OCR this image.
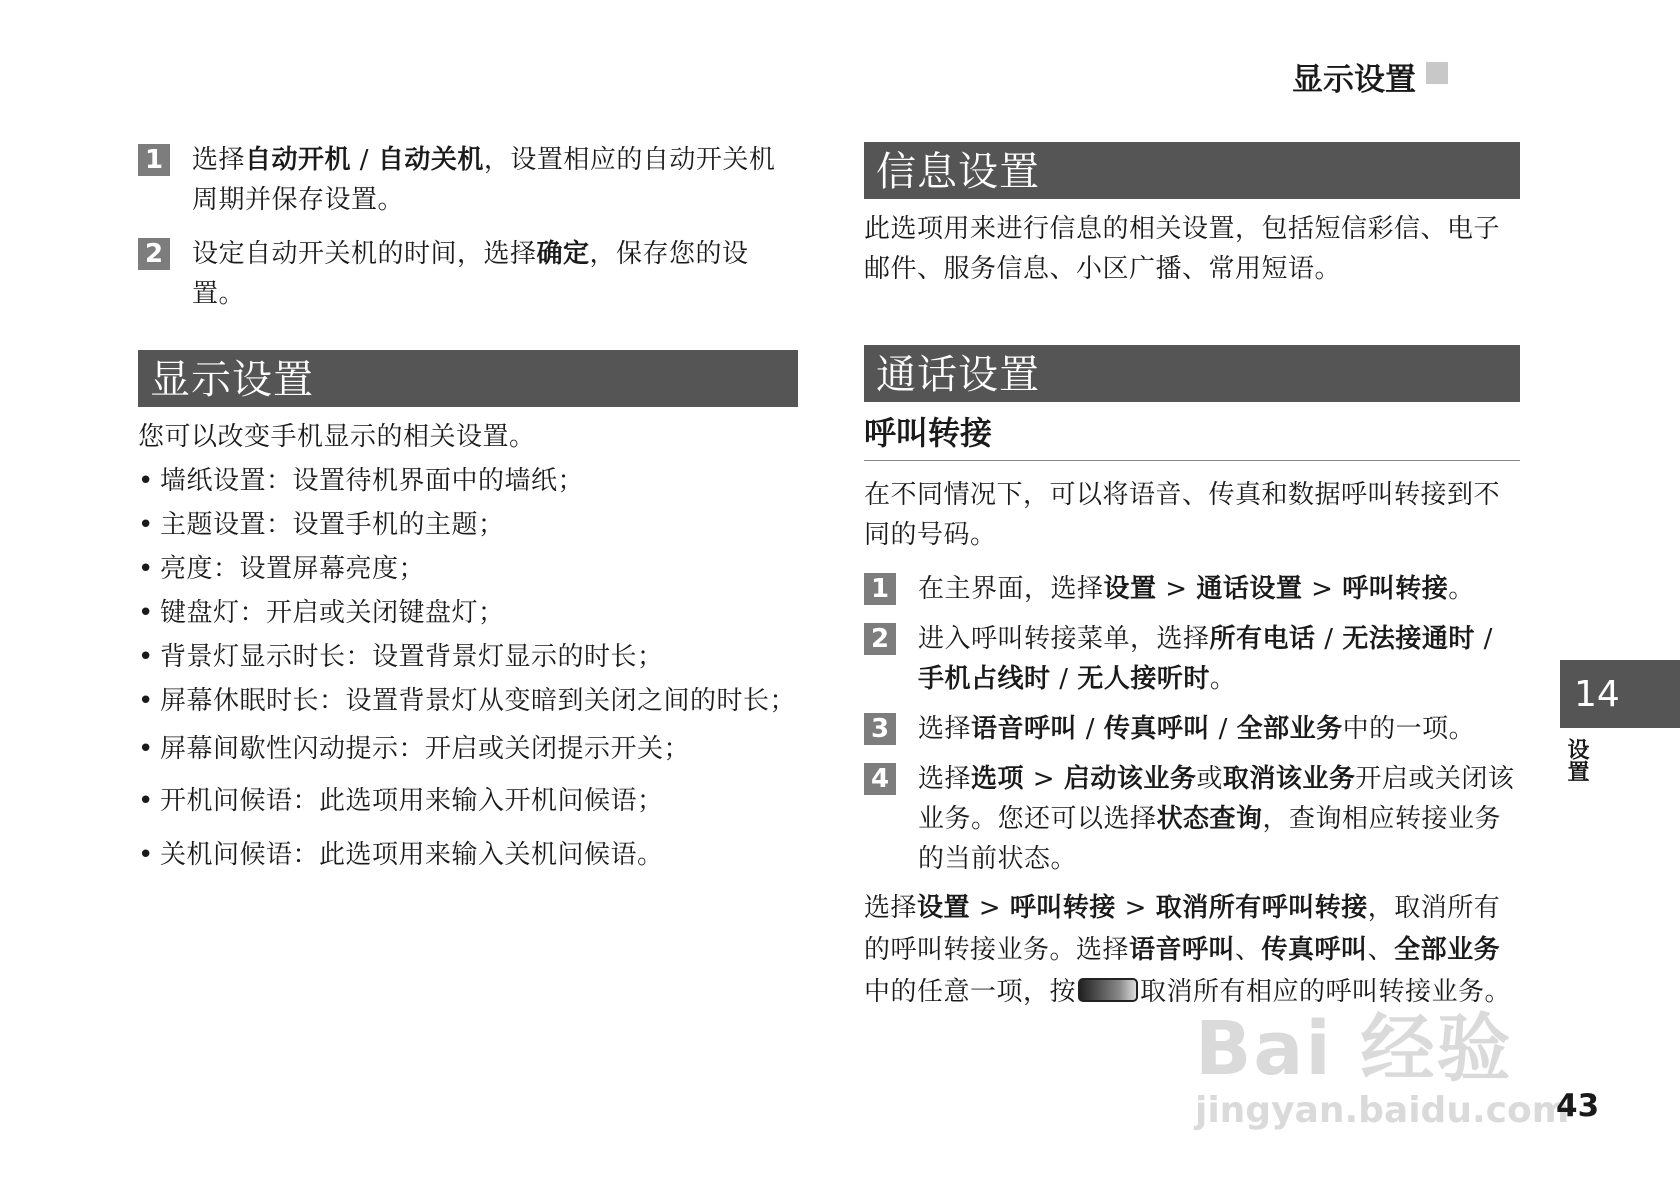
显示设置
1 选择自动开机 / 自动关机，设置相应的自动开关机周期并保存设置。
2 设定自动开关机的时间，选择确定，保存您的设置。
显示设置
您可以改变手机显示的相关设置。
• 墙纸设置：设置待机界面中的墙纸；
• 主题设置：设置手机的主题；
• 亮度：设置屏幕亮度；
• 键盘灯：开启或关闭键盘灯；
• 背景灯显示时长：设置背景灯显示的时长；
• 屏幕休眠时长：设置背景灯从变暗到关闭之间的时长；
• 屏幕间歇性闪动提示：开启或关闭提示开关；
• 开机问候语：此选项用来输入开机问候语；
• 关机问候语：此选项用来输入关机问候语。
信息设置
此选项用来进行信息的相关设置，包括短信彩信、电子邮件、服务信息、小区广播、常用短语。
通话设置
呼叫转接
在不同情况下，可以将语音、传真和数据呼叫转接到不同的号码。
1 在主界面，选择设置 > 通话设置 > 呼叫转接。
2 进入呼叫转接菜单，选择所有电话 / 无法接通时 / 手机占线时 / 无人接听时。
3 选择语音呼叫 / 传真呼叫 / 全部业务中的一项。
4 选择选项 > 启动该业务或取消该业务开启或关闭该业务。您还可以选择状态查询，查询相应转接业务的当前状态。
选择设置 > 呼叫转接 > 取消所有呼叫转接，取消所有的呼叫转接业务。选择语音呼叫、传真呼叫、全部业务中的任意一项，按 取消所有相应的呼叫转接业务。
14
设置
Bai 经验
jingyan.baidu.com
43
